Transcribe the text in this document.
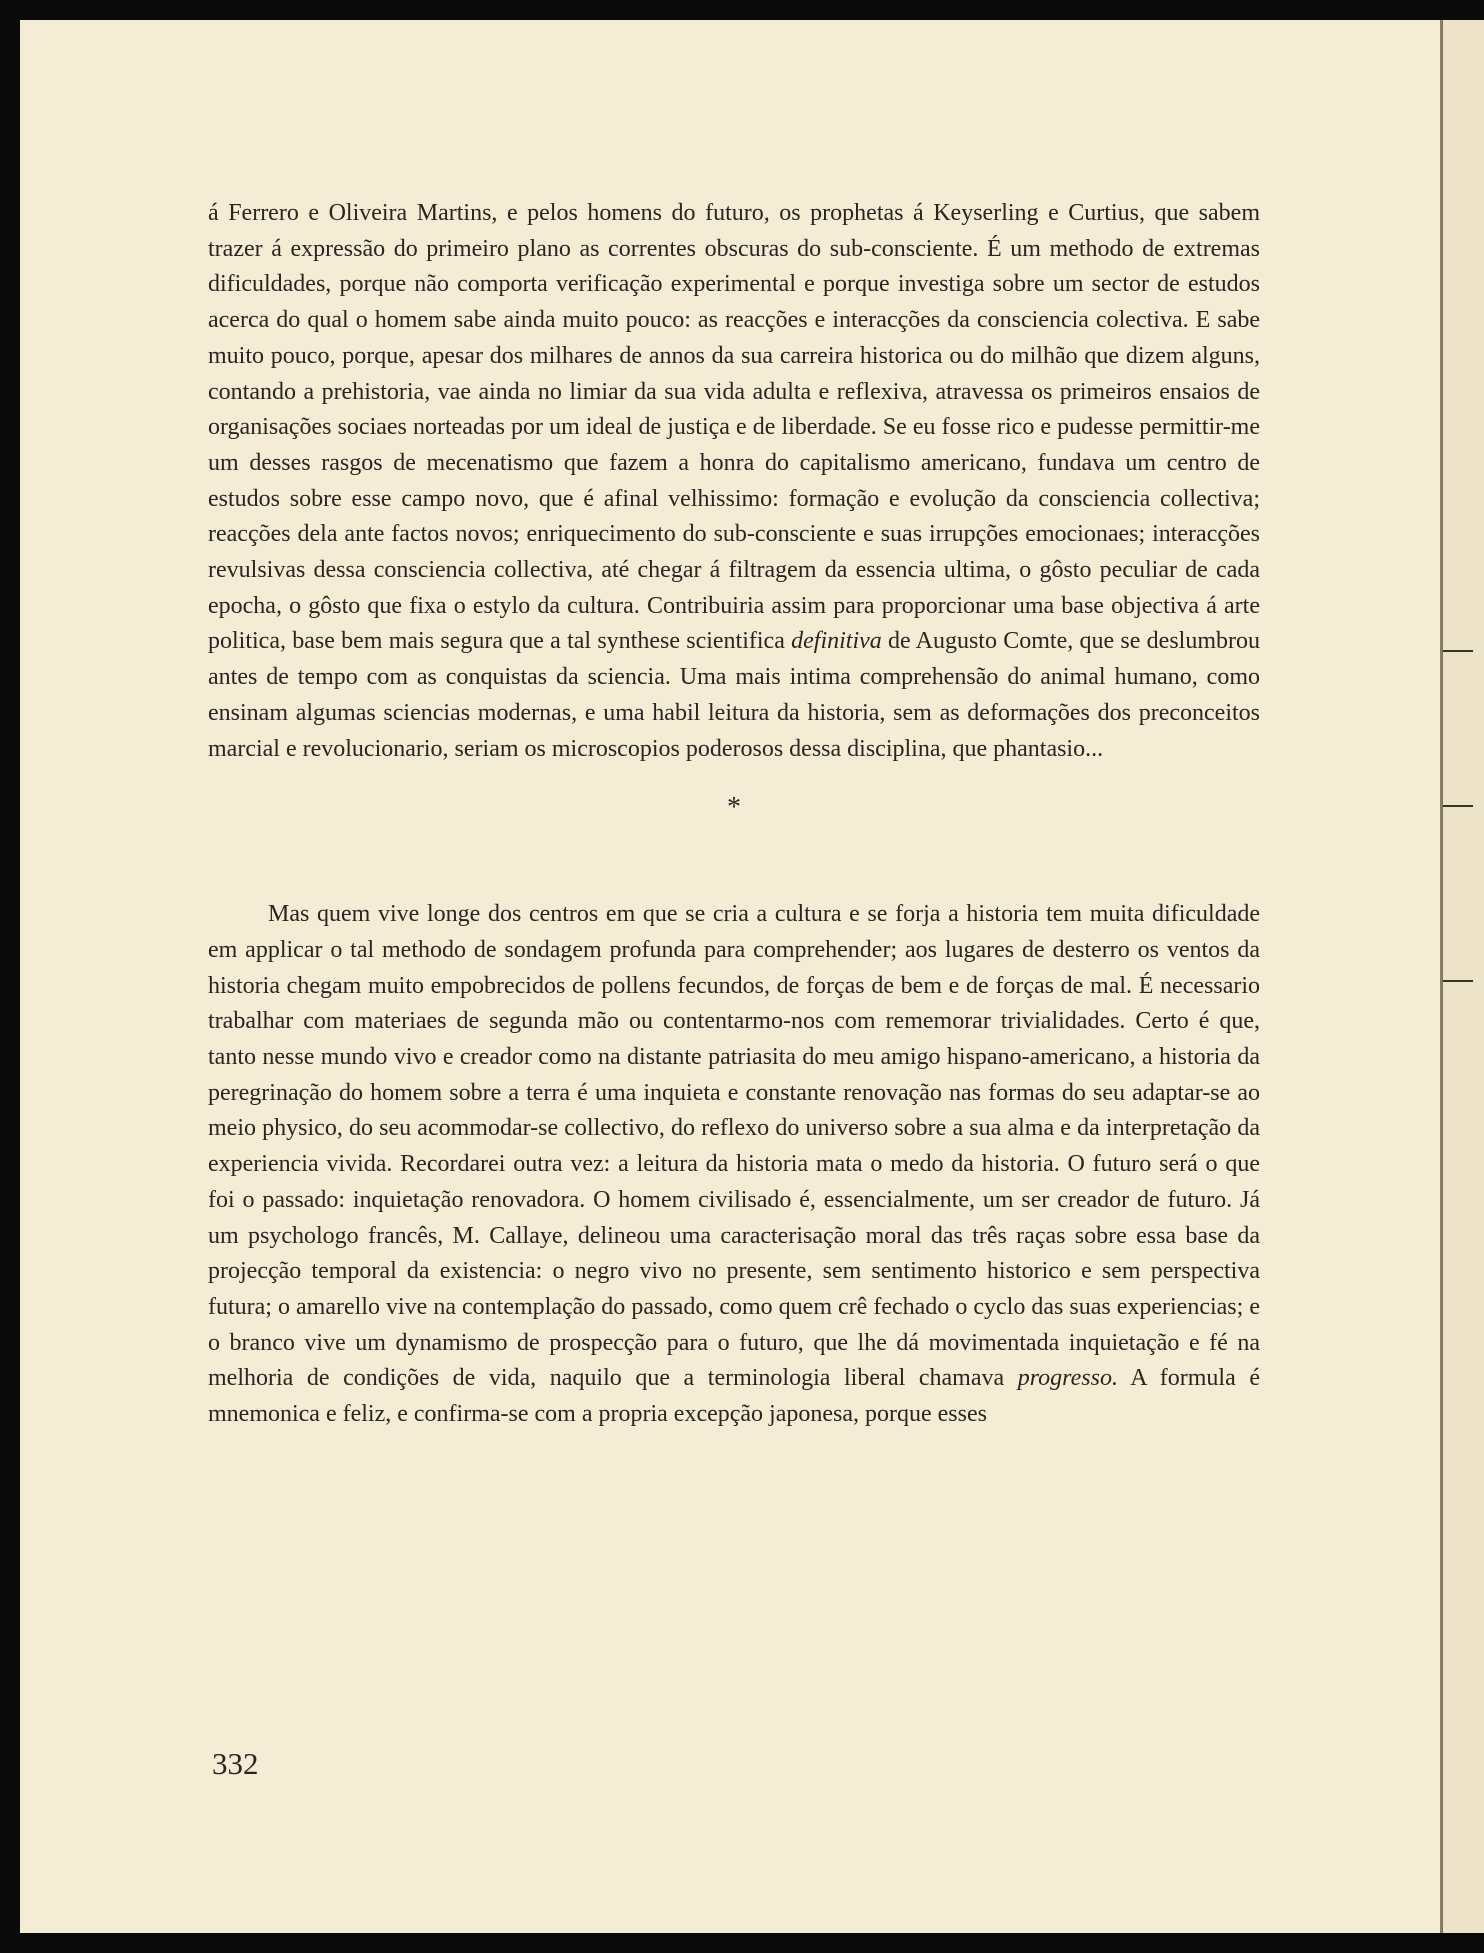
á Ferrero e Oliveira Martins, e pelos homens do futuro, os prophetas á Keyserling e Curtius, que sabem trazer á expressão do primeiro plano as correntes obscuras do sub-consciente. É um methodo de extremas dificuldades, porque não comporta verificação experimental e porque investiga sobre um sector de estudos acerca do qual o homem sabe ainda muito pouco: as reacções e interacções da consciencia colectiva. E sabe muito pouco, porque, apesar dos milhares de annos da sua carreira historica ou do milhão que dizem alguns, contando a prehistoria, vae ainda no limiar da sua vida adulta e reflexiva, atravessa os primeiros ensaios de organisações sociaes norteadas por um ideal de justiça e de liberdade. Se eu fosse rico e pudesse permittir-me um desses rasgos de mecenatismo que fazem a honra do capitalismo americano, fundava um centro de estudos sobre esse campo novo, que é afinal velhissimo: formação e evolução da consciencia collectiva; reacções dela ante factos novos; enriquecimento do sub-consciente e suas irrupções emocionaes; interacções revulsivas dessa consciencia collectiva, até chegar á filtragem da essencia ultima, o gôsto peculiar de cada epocha, o gôsto que fixa o estylo da cultura. Contribuiria assim para proporcionar uma base objectiva á arte politica, base bem mais segura que a tal synthese scientifica definitiva de Augusto Comte, que se deslumbrou antes de tempo com as conquistas da sciencia. Uma mais intima comprehensão do animal humano, como ensinam algumas sciencias modernas, e uma habil leitura da historia, sem as deformações dos preconceitos marcial e revolucionario, seriam os microscopios poderosos dessa disciplina, que phantasio...

*

Mas quem vive longe dos centros em que se cria a cultura e se forja a historia tem muita dificuldade em applicar o tal methodo de sondagem profunda para comprehender; aos lugares de desterro os ventos da historia chegam muito empobrecidos de pollens fecundos, de forças de bem e de forças de mal. É necessario trabalhar com materiaes de segunda mão ou contentarmo-nos com rememorar trivialidades. Certo é que, tanto nesse mundo vivo e creador como na distante patriasita do meu amigo hispano-americano, a historia da peregrinação do homem sobre a terra é uma inquieta e constante renovação nas formas do seu adaptar-se ao meio physico, do seu acommodar-se collectivo, do reflexo do universo sobre a sua alma e da interpretação da experiencia vivida. Recordarei outra vez: a leitura da historia mata o medo da historia. O futuro será o que foi o passado: inquietação renovadora. O homem civilisado é, essencialmente, um ser creador de futuro. Já um psychologo francês, M. Callaye, delineou uma caracterisação moral das três raças sobre essa base da projecção temporal da existencia: o negro vivo no presente, sem sentimento historico e sem perspectiva futura; o amarello vive na contemplação do passado, como quem crê fechado o cyclo das suas experiencias; e o branco vive um dynamismo de prospecção para o futuro, que lhe dá movimentada inquietação e fé na melhoria de condições de vida, naquilo que a terminologia liberal chamava progresso. A formula é mnemonica e feliz, e confirma-se com a propria excepção japonesa, porque esses

332
